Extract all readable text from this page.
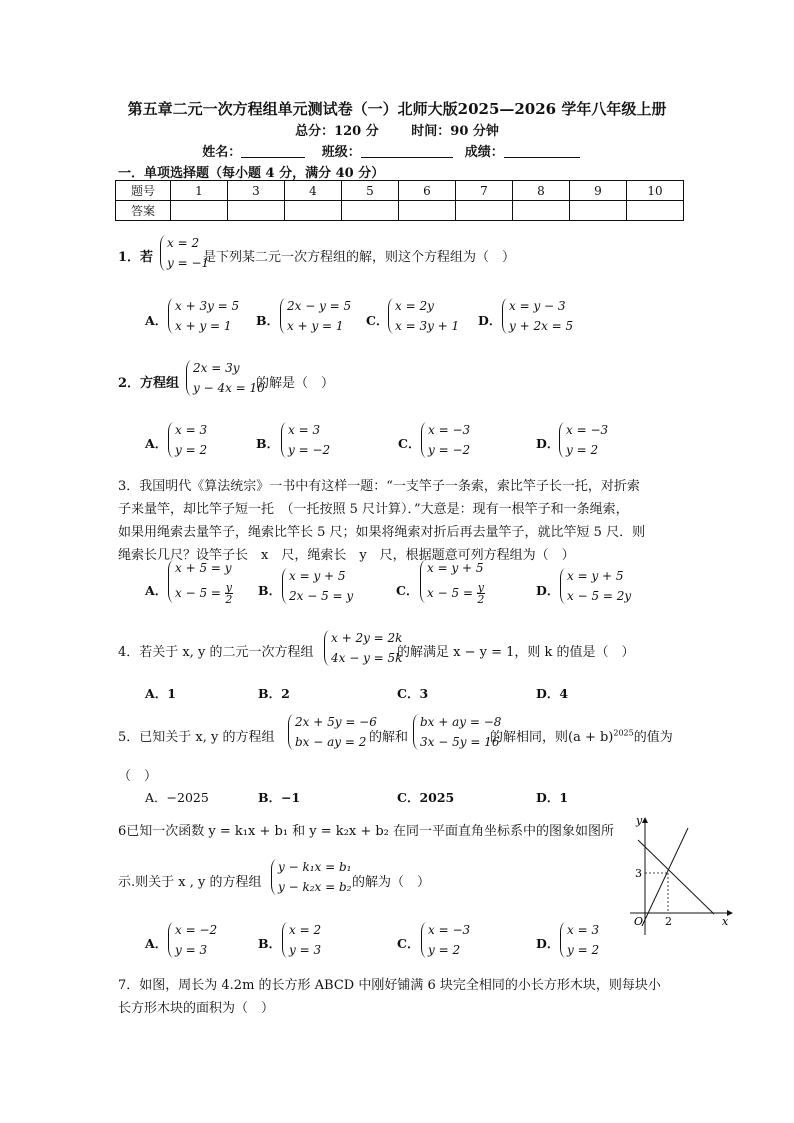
第五章二元一次方程组单元测试卷（一）北师大版2025—2026 学年八年级上册
总分：120 分	时间：90 分钟
姓名：	班级：	成绩：
一．单项选择题（每小题 4 分，满分 40 分）
题号	1	3	4	5	6	7	8	9	10
答案									
1．若
x = 2
y = −1
是下列某二元一次方程组的解，则这个方程组为（　）
A．
x + 3y = 5
x + y = 1	B．
2x − y = 5
x + y = 1	C．
x = 2y
x = 3y + 1 D．
x = y − 3
y + 2x = 5
2．方程组
2x = 3y
y − 4x = 10
的解是（　）
A．
x = 3
y = 2	B．
x = 3
y = −2	C．
x = −3
y = −2	D．
x = −3
y = 2
3．我国明代《算法统宗》一书中有这样一题：“一支竿子一条索，索比竿子长一托，对折索
子来量竿，却比竿子短一托　（一托按照 5 尺计算）．”大意是：现有一根竿子和一条绳索，
如果用绳索去量竿子，绳索比竿长 5 尺；如果将绳索对折后再去量竿子，就比竿短 5 尺．则
绳索长几尺？设竿子长　x　尺，绳索长　y　尺，根据题意可列方程组为（　）
A．
x + 5 = y
$x - 5 = \frac{y}{2}$ B．
x = y + 5
2x − 5 = y	C．
x = y + 5
$x - 5 = \frac{y}{2}$	D．
x = y + 5
x − 5 = 2y
4．若关于 x, y 的二元一次方程组
x + 2y = 2k
4x − y = 5k
的解满足 x − y = 1，则 k 的值是（　）
A．1	B．2	C．3	D．4
5．已知关于 x, y 的方程组
2x + 5y = −6
bx − ay = 2 的解和
bx + ay = −8
3x − 5y = 16
的解相同，则$(a + b)^{2025}$的值为
（　）
A．−2025	B．−1	C．2025	D．1
6已知一次函数 y = k₁x + b₁ 和 y = k₂x + b₂ 在同一平面直角坐标系中的图象如图所
示.则关于 x , y 的方程组
y − k₁x = b₁
y − k₂x = b₂ 的解为（　）
A．
x = −2
y = 3	B．
x = 2
y = 3	C．
x = −3
y = 2	D．
x = 3
y = 2
y
x
O
3
2
7．如图，周长为 4.2m 的长方形 ABCD 中刚好铺满 6 块完全相同的小长方形木块，则每块小
长方形木块的面积为（　）
